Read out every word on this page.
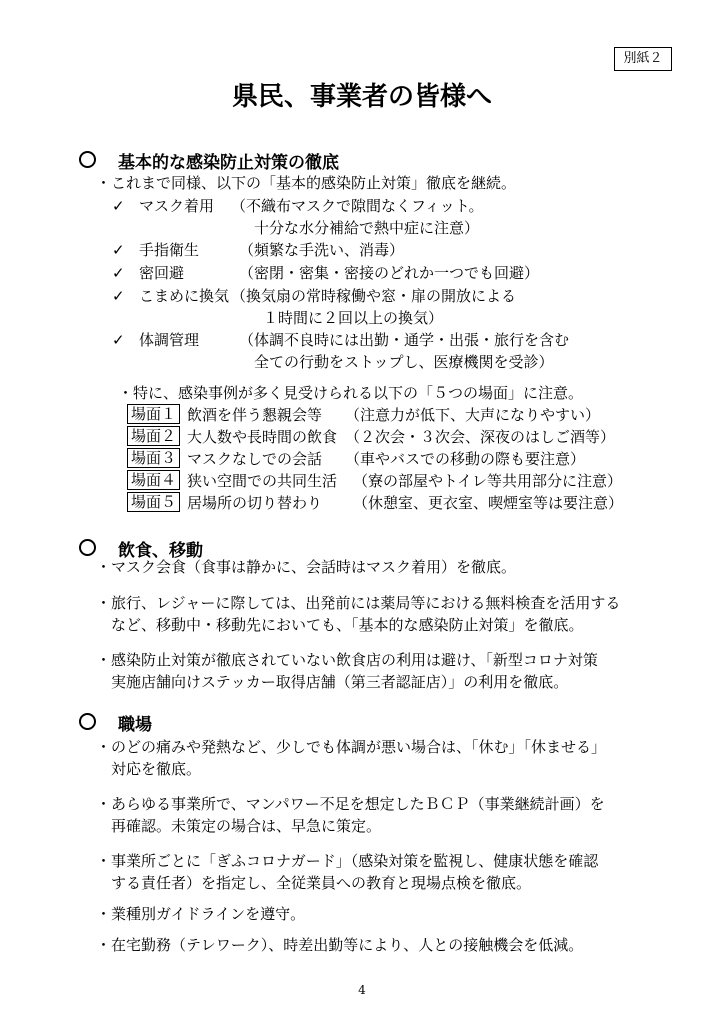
別紙２
県民、事業者の皆様へ
基本的な感染防止対策の徹底
・これまで同様、以下の「基本的感染防止対策」徹底を継続。
✓ マスク着用 （不織布マスクで隙間なくフィット。
十分な水分補給で熱中症に注意）
✓ 手指衛生	（頻繁な手洗い、消毒）
✓ 密回避	（密閉・密集・密接のどれか一つでも回避）
✓ こまめに換気 （換気扇の常時稼働や窓・扉の開放による
１時間に２回以上の換気）
✓ 体調管理	（体調不良時には出勤・通学・出張・旅行を含む
全ての行動をストップし、医療機関を受診）
・特に、感染事例が多く見受けられる以下の「５つの場面」に注意。
場面１ 飲酒を伴う懇親会等 （注意力が低下、大声になりやすい）
場面２ 大人数や長時間の飲食 （２次会・３次会、深夜のはしご酒等）
場面３ マスクなしでの会話 （車やバスでの移動の際も要注意）
場面４ 狭い空間での共同生活 （寮の部屋やトイレ等共用部分に注意）
場面５ 居場所の切り替わり （休憩室、更衣室、喫煙室等は要注意）
飲食、移動
・マスク会食（食事は静かに、会話時はマスク着用）を徹底。
・旅行、レジャーに際しては、出発前には薬局等における無料検査を活用する
など、移動中・移動先においても、「基本的な感染防止対策」を徹底。
・感染防止対策が徹底されていない飲食店の利用は避け、「新型コロナ対策
実施店舗向けステッカー取得店舗（第三者認証店）」の利用を徹底。
職場
・のどの痛みや発熱など、少しでも体調が悪い場合は、「休む」「休ませる」
対応を徹底。
・あらゆる事業所で、マンパワー不足を想定したＢＣＰ（事業継続計画）を
再確認。未策定の場合は、早急に策定。
・事業所ごとに「ぎふコロナガード」（感染対策を監視し、健康状態を確認
する責任者）を指定し、全従業員への教育と現場点検を徹底。
・業種別ガイドラインを遵守。
・在宅勤務（テレワーク）、時差出勤等により、人との接触機会を低減。
4
